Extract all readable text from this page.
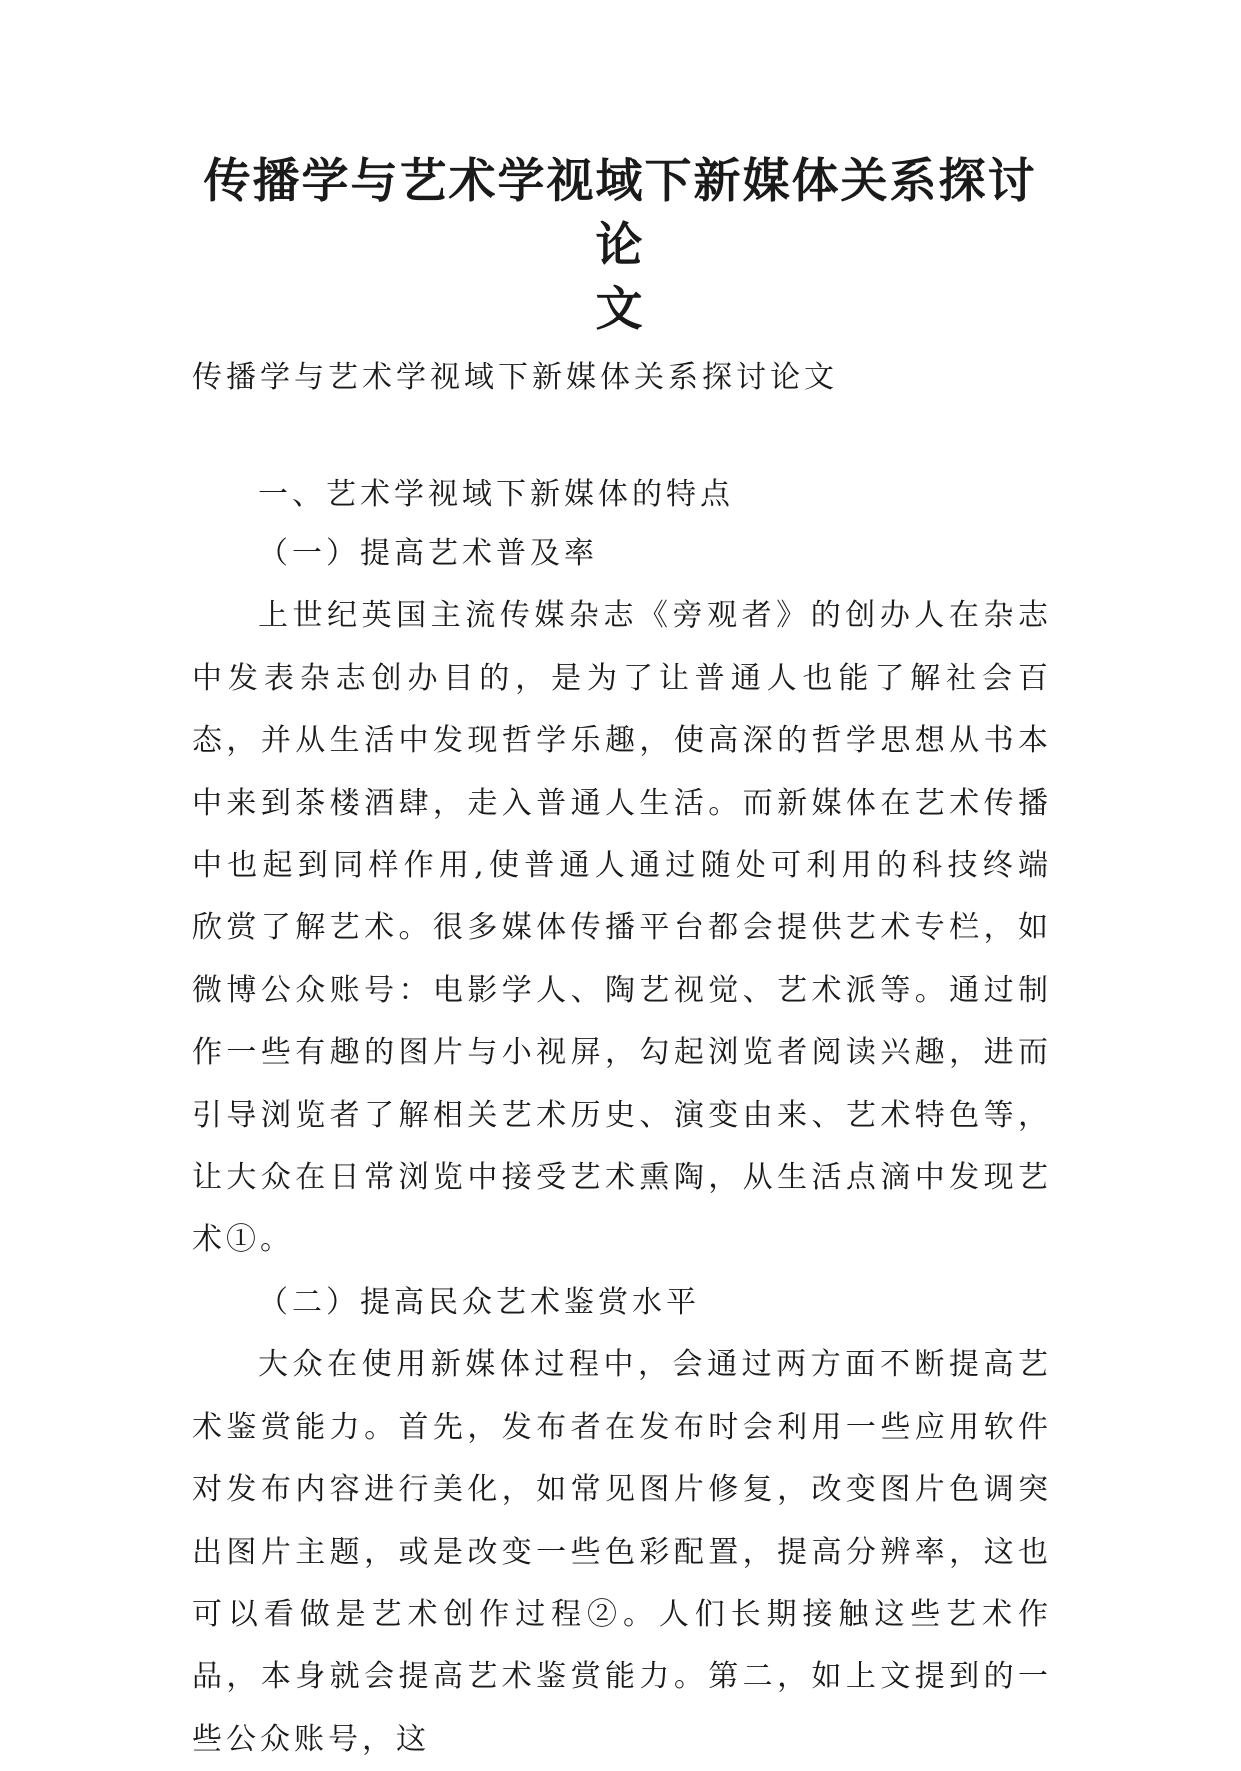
传播学与艺术学视域下新媒体关系探讨论
文

传播学与艺术学视域下新媒体关系探讨论文

一、艺术学视域下新媒体的特点

（一）提高艺术普及率

上世纪英国主流传媒杂志《旁观者》的创办人在杂志中发表杂志创办目的，是为了让普通人也能了解社会百态，并从生活中发现哲学乐趣，使高深的哲学思想从书本中来到茶楼酒肆，走入普通人生活。而新媒体在艺术传播中也起到同样作用,使普通人通过随处可利用的科技终端欣赏了解艺术。很多媒体传播平台都会提供艺术专栏，如微博公众账号：电影学人、陶艺视觉、艺术派等。通过制作一些有趣的图片与小视屏，勾起浏览者阅读兴趣，进而引导浏览者了解相关艺术历史、演变由来、艺术特色等，让大众在日常浏览中接受艺术熏陶，从生活点滴中发现艺术①。

（二）提高民众艺术鉴赏水平

大众在使用新媒体过程中，会通过两方面不断提高艺术鉴赏能力。首先，发布者在发布时会利用一些应用软件对发布内容进行美化，如常见图片修复，改变图片色调突出图片主题，或是改变一些色彩配置，提高分辨率，这也可以看做是艺术创作过程②。人们长期接触这些艺术作品，本身就会提高艺术鉴赏能力。第二，如上文提到的一些公众账号，这
